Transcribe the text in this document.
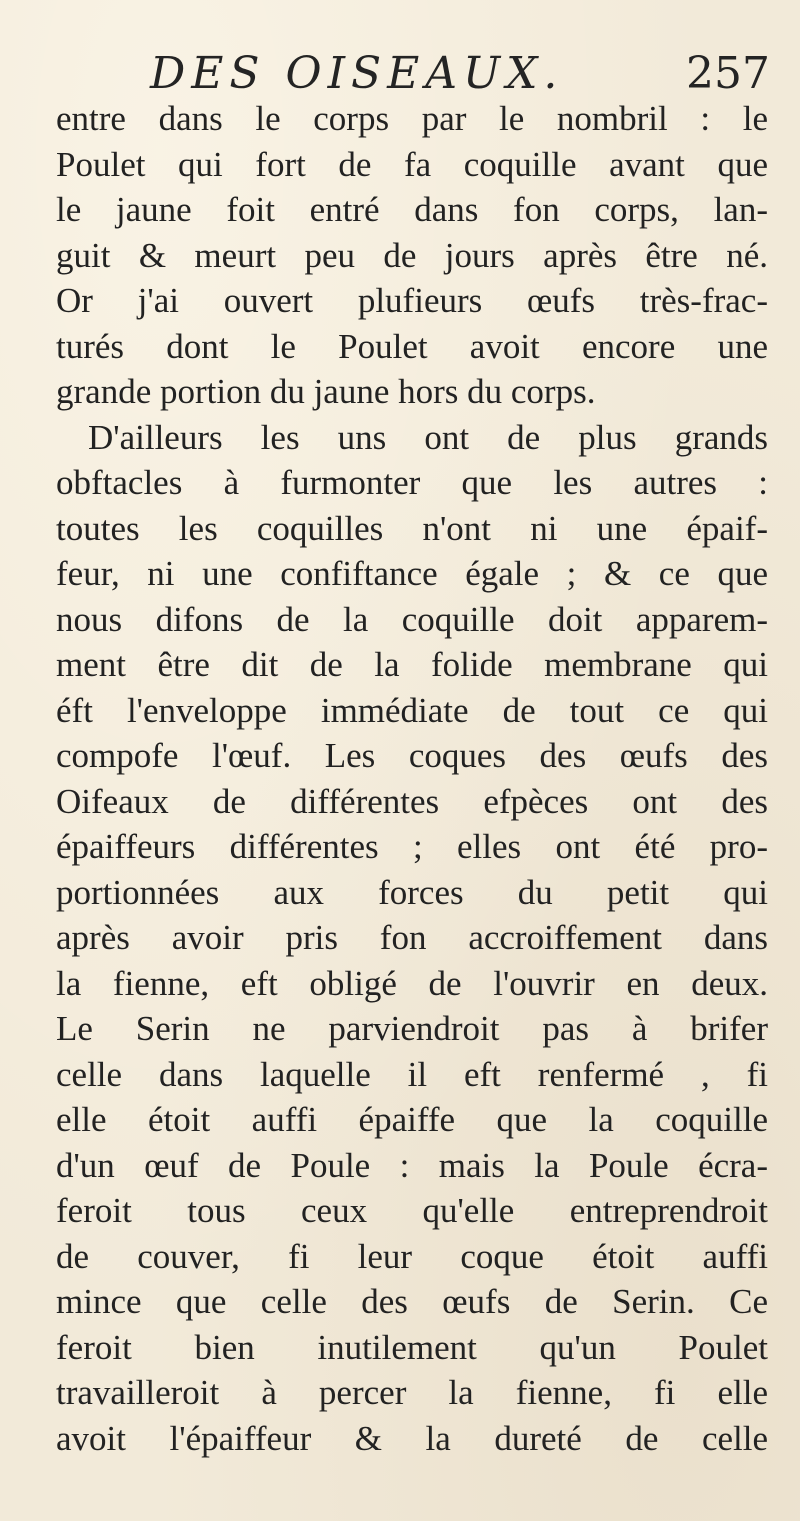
DES OISEAUX.	257
entre dans le corps par le nombril : le
Poulet qui fort de fa coquille avant que
le jaune foit entré dans fon corps, lan-
guit & meurt peu de jours après être né.
Or j'ai ouvert plufieurs œufs très-frac-
turés dont le Poulet avoit encore une
grande portion du jaune hors du corps.
D'ailleurs les uns ont de plus grands
obftacles à furmonter que les autres :
toutes les coquilles n'ont ni une épaif-
feur, ni une confiftance égale ; & ce que
nous difons de la coquille doit apparem-
ment être dit de la folide membrane qui
éft l'enveloppe immédiate de tout ce qui
compofe l'œuf. Les coques des œufs des
Oifeaux de différentes efpèces ont des
épaiffeurs différentes ; elles ont été pro-
portionnées aux forces du petit qui
après avoir pris fon accroiffement dans
la fienne, eft obligé de l'ouvrir en deux.
Le Serin ne parviendroit pas à brifer
celle dans laquelle il eft renfermé , fi
elle étoit auffi épaiffe que la coquille
d'un œuf de Poule : mais la Poule écra-
feroit tous ceux qu'elle entreprendroit
de couver, fi leur coque étoit auffi
mince que celle des œufs de Serin. Ce
feroit bien inutilement qu'un Poulet
travailleroit à percer la fienne, fi elle
avoit l'épaiffeur & la dureté de celle
